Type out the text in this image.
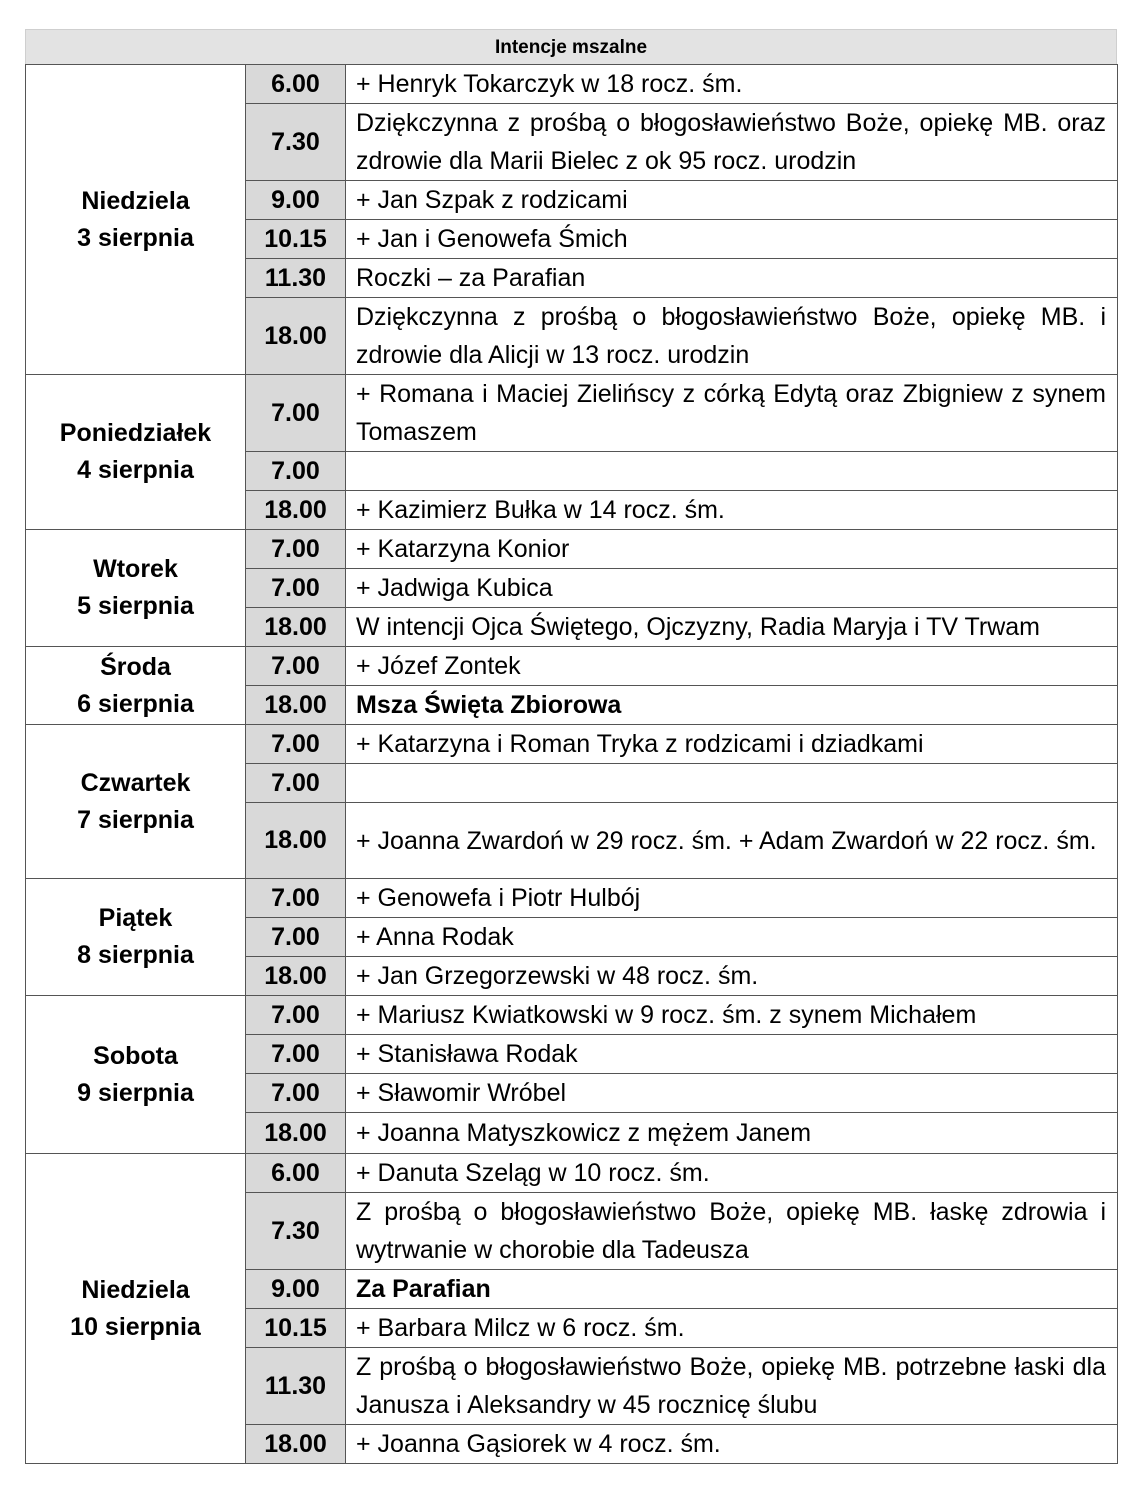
Intencje mszalne
Niedziela
3 sierpnia	6.00	+ Henryk Tokarczyk w 18 rocz. śm.
	7.30	Dziękczynna z prośbą o błogosławieństwo Boże, opiekę MB. oraz zdrowie dla Marii Bielec z ok 95 rocz. urodzin
	9.00	+ Jan Szpak z rodzicami
	10.15	+ Jan i Genowefa Śmich
	11.30	Roczki – za Parafian
	18.00	Dziękczynna z prośbą o błogosławieństwo Boże, opiekę MB. i zdrowie dla Alicji w 13 rocz. urodzin

Poniedziałek
4 sierpnia	7.00	+ Romana i Maciej Zielińscy z córką Edytą oraz Zbigniew z synem Tomaszem
	7.00	
	18.00	+ Kazimierz Bułka w 14 rocz. śm.

Wtorek
5 sierpnia	7.00	+ Katarzyna Konior
	7.00	+ Jadwiga Kubica
	18.00	W intencji Ojca Świętego, Ojczyzny, Radia Maryja i TV Trwam

Środa
6 sierpnia	7.00	+ Józef Zontek
	18.00	Msza Święta Zbiorowa

Czwartek
7 sierpnia	7.00	+ Katarzyna i Roman Tryka z rodzicami i dziadkami
	7.00	
	18.00	+ Joanna Zwardoń w 29 rocz. śm. + Adam Zwardoń w 22 rocz. śm.

Piątek
8 sierpnia	7.00	+ Genowefa i Piotr Hulbój
	7.00	+ Anna Rodak
	18.00	+ Jan Grzegorzewski w 48 rocz. śm.

Sobota
9 sierpnia	7.00	+ Mariusz Kwiatkowski w 9 rocz. śm. z synem Michałem
	7.00	+ Stanisława Rodak
	7.00	+ Sławomir Wróbel
	18.00	+ Joanna Matyszkowicz z mężem Janem

Niedziela
10 sierpnia	6.00	+ Danuta Szeląg w 10 rocz. śm.
	7.30	Z prośbą o błogosławieństwo Boże, opiekę MB. łaskę zdrowia i wytrwanie w chorobie dla Tadeusza
	9.00	Za Parafian
	10.15	+ Barbara Milcz w 6 rocz. śm.
	11.30	Z prośbą o błogosławieństwo Boże, opiekę MB. potrzebne łaski dla Janusza i Aleksandry w 45 rocznicę ślubu
	18.00	+ Joanna Gąsiorek w 4 rocz. śm.
